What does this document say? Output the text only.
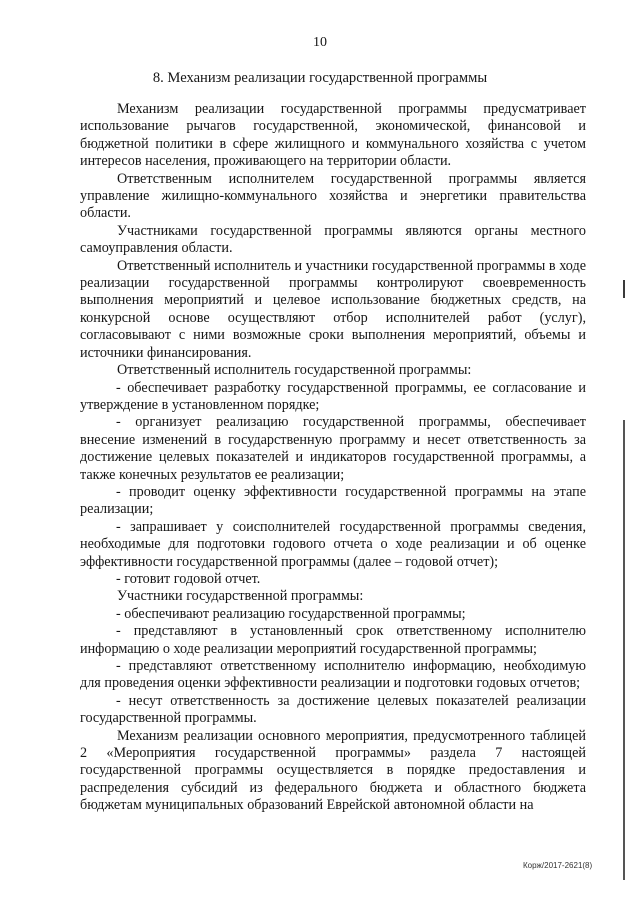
10
8. Механизм реализации государственной программы

Механизм реализации государственной программы предусматривает использование рычагов государственной, экономической, финансовой и бюджетной политики в сфере жилищного и коммунального хозяйства с учетом интересов населения, проживающего на территории области.

Ответственным исполнителем государственной программы является управление жилищно-коммунального хозяйства и энергетики правительства области.

Участниками государственной программы являются органы местного самоуправления области.

Ответственный исполнитель и участники государственной программы в ходе реализации государственной программы контролируют своевременность выполнения мероприятий и целевое использование бюджетных средств, на конкурсной основе осуществляют отбор исполнителей работ (услуг), согласовывают с ними возможные сроки выполнения мероприятий, объемы и источники финансирования.

Ответственный исполнитель государственной программы:

- обеспечивает разработку государственной программы, ее согласование и утверждение в установленном порядке;

- организует реализацию государственной программы, обеспечивает внесение изменений в государственную программу и несет ответственность за достижение целевых показателей и индикаторов государственной программы, а также конечных результатов ее реализации;

- проводит оценку эффективности государственной программы на этапе реализации;

- запрашивает у соисполнителей государственной программы сведения, необходимые для подготовки годового отчета о ходе реализации и об оценке эффективности государственной программы (далее – годовой отчет);

- готовит годовой отчет.

Участники государственной программы:

- обеспечивают реализацию государственной программы;

- представляют в установленный срок ответственному исполнителю информацию о ходе реализации мероприятий государственной программы;

- представляют ответственному исполнителю информацию, необходимую для проведения оценки эффективности реализации и подготовки годовых отчетов;

- несут ответственность за достижение целевых показателей реализации государственной программы.

Механизм реализации основного мероприятия, предусмотренного таблицей 2 «Мероприятия государственной программы» раздела 7 настоящей государственной программы осуществляется в порядке предоставления и распределения субсидий из федерального бюджета и областного бюджета бюджетам муниципальных образований Еврейской автономной области на

Корж/2017-2621(8)
